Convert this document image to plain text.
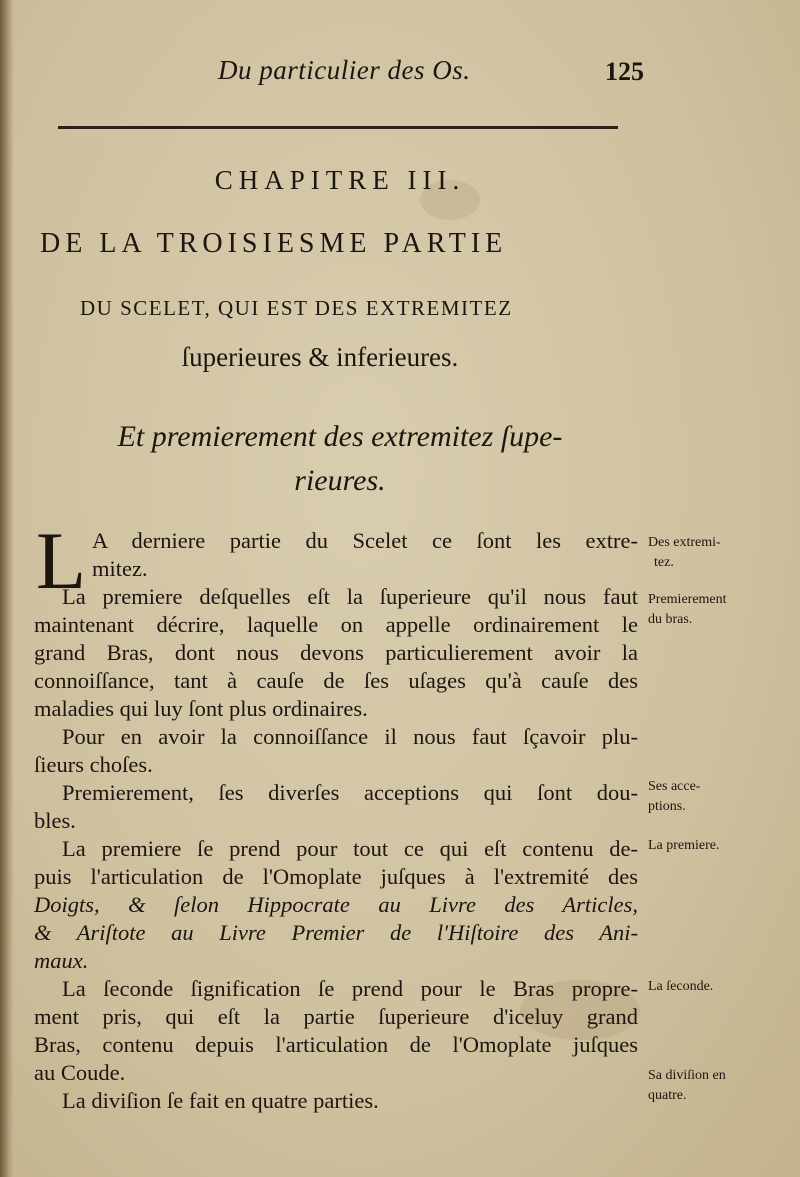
Du particulier des Os.	125
CHAPITRE III.
DE LA TROISIESME PARTIE
DU SCELET, QUI EST DES EXTREMITEZ
ſuperieures & inferieures.
Et premierement des extremitez ſupe-
rieures.
L A derniere partie du Scelet ce ſont les extre-
mitez.
La premiere deſquelles eſt la ſuperieure qu'il nous faut
maintenant décrire, laquelle on appelle ordinairement le
grand Bras, dont nous devons particulierement avoir la
connoiſſance, tant à cauſe de ſes uſages qu'à cauſe des
maladies qui luy ſont plus ordinaires.
Pour en avoir la connoiſſance il nous faut ſçavoir plu-
ſieurs choſes.
Premierement, ſes diverſes acceptions qui ſont dou-
bles.
La premiere ſe prend pour tout ce qui eſt contenu de-
puis l'articulation de l'Omoplate juſques à l'extremité des
Doigts, & ſelon Hippocrate au Livre des Articles,
& Ariſtote au Livre Premier de l'Hiſtoire des Ani-
maux.
La ſeconde ſignification ſe prend pour le Bras propre-
ment pris, qui eſt la partie ſuperieure d'iceluy grand
Bras, contenu depuis l'articulation de l'Omoplate juſques
au Coude.
La diviſion ſe fait en quatre parties.
Des extremi-
tez.
Premierement
du bras.
Ses acce-
ptions.
La premiere.
La ſeconde.
Sa diviſion en
quatre.
